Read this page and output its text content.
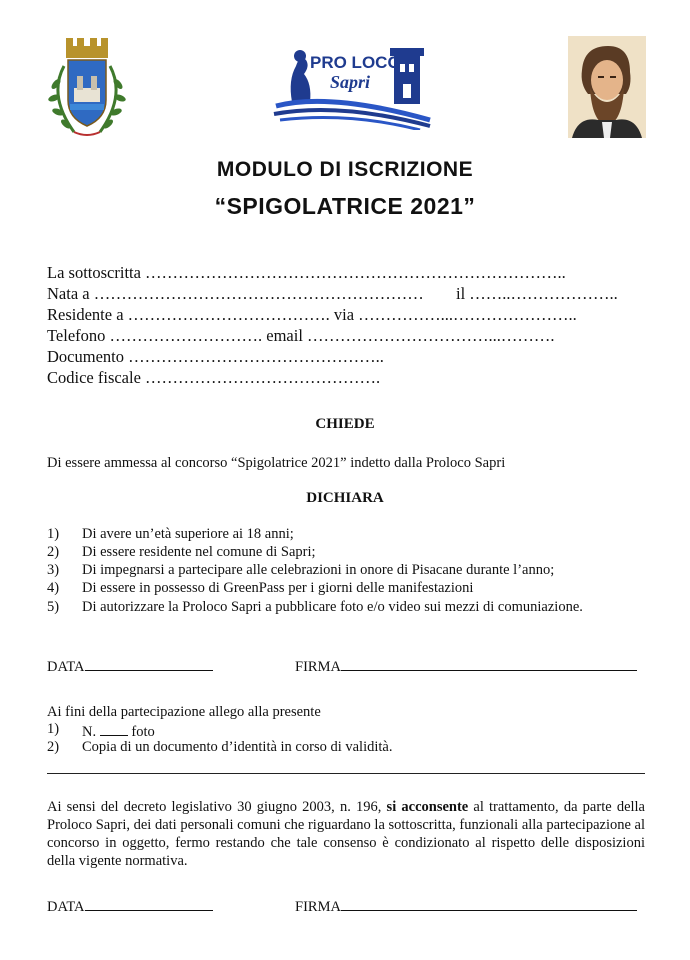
PRO LOCO
Sapri
MODULO DI ISCRIZIONE
“SPIGOLATRICE 2021”
La sottoscritta …………………………………………………………………..
Nata a …………………………………………………… il ……..………………..
Residente a ………………………………. via ……………...…………………..
Telefono ………………………. email ……………………………...……….
Documento ………………………………………..
Codice fiscale …………………………………….
CHIEDE
Di essere ammessa al concorso “Spigolatrice 2021” indetto dalla Proloco Sapri
DICHIARA
1)	Di avere un’età superiore ai 18 anni;
2)	Di essere residente nel comune di Sapri;
3)	Di impegnarsi a partecipare alle celebrazioni in onore di Pisacane durante l’anno;
4)	Di essere in possesso di GreenPass per i giorni delle manifestazioni
5)	Di autorizzare la Proloco Sapri a pubblicare foto e/o video sui mezzi di comuniazione.
DATA	FIRMA
Ai fini della partecipazione allego alla presente
1)	N. foto
2)	Copia di un documento d’identità in corso di validità.
Ai sensi del decreto legislativo 30 giugno 2003, n. 196, si acconsente al trattamento, da parte della Proloco Sapri, dei dati personali comuni che riguardano la sottoscritta, funzionali alla partecipazione al concorso in oggetto, fermo restando che tale consenso è condizionato al rispetto delle disposizioni della vigente normativa.
DATA	FIRMA
